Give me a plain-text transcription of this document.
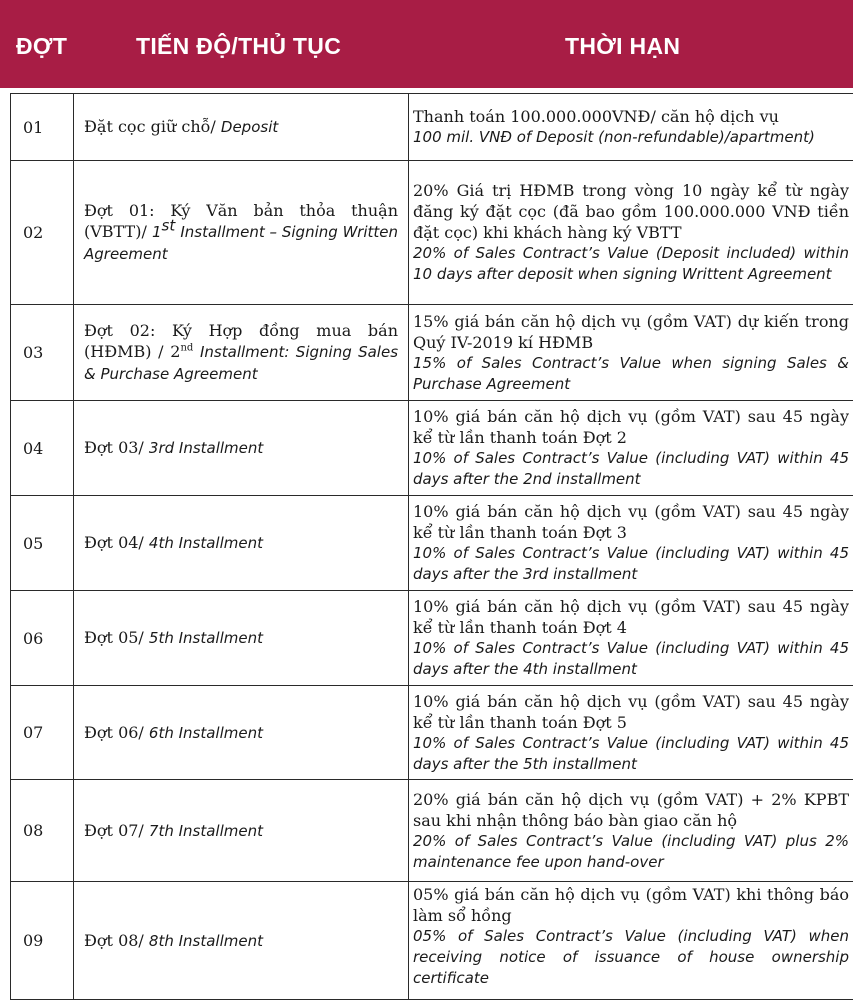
ĐỢT	TIẾN ĐỘ/THỦ TỤC	THỜI HẠN
01	Đặt cọc giữ chỗ/ Deposit	Thanh toán 100.000.000VNĐ/ căn hộ dịch vụ
100 mil. VNĐ of Deposit (non-refundable)/apartment)

02	Đợt 01: Ký Văn bản thỏa thuận (VBTT)/ 1st Installment – Signing Written Agreement	20% Giá trị HĐMB trong vòng 10 ngày kể từ ngày đăng ký đặt cọc (đã bao gồm 100.000.000 VNĐ tiền đặt cọc) khi khách hàng ký VBTT
20% of Sales Contract’s Value (Deposit included) within 10 days after deposit when signing Writtent Agreement

03	Đợt 02: Ký Hợp đồng mua bán (HĐMB) / 2nd Installment: Signing Sales & Purchase Agreement	15% giá bán căn hộ dịch vụ (gồm VAT) dự kiến trong Quý IV-2019 kí HĐMB
15% of Sales Contract’s Value when signing Sales & Purchase Agreement

04	Đợt 03/ 3rd Installment	10% giá bán căn hộ dịch vụ (gồm VAT) sau 45 ngày kể từ lần thanh toán Đợt 2
10% of Sales Contract’s Value (including VAT) within 45 days after the 2nd installment

05	Đợt 04/ 4th Installment	10% giá bán căn hộ dịch vụ (gồm VAT) sau 45 ngày kể từ lần thanh toán Đợt 3
10% of Sales Contract’s Value (including VAT) within 45 days after the 3rd installment

06	Đợt 05/ 5th Installment	10% giá bán căn hộ dịch vụ (gồm VAT) sau 45 ngày kể từ lần thanh toán Đợt 4
10% of Sales Contract’s Value (including VAT) within 45 days after the 4th installment

07	Đợt 06/ 6th Installment	10% giá bán căn hộ dịch vụ (gồm VAT) sau 45 ngày kể từ lần thanh toán Đợt 5
10% of Sales Contract’s Value (including VAT) within 45 days after the 5th installment

08	Đợt 07/ 7th Installment	20% giá bán căn hộ dịch vụ (gồm VAT) + 2% KPBT sau khi nhận thông báo bàn giao căn hộ
20% of Sales Contract’s Value (including VAT) plus 2% maintenance fee upon hand-over

09	Đợt 08/ 8th Installment	05% giá bán căn hộ dịch vụ (gồm VAT) khi thông báo làm sổ hồng
05% of Sales Contract’s Value (including VAT) when receiving notice of issuance of house ownership certificate
